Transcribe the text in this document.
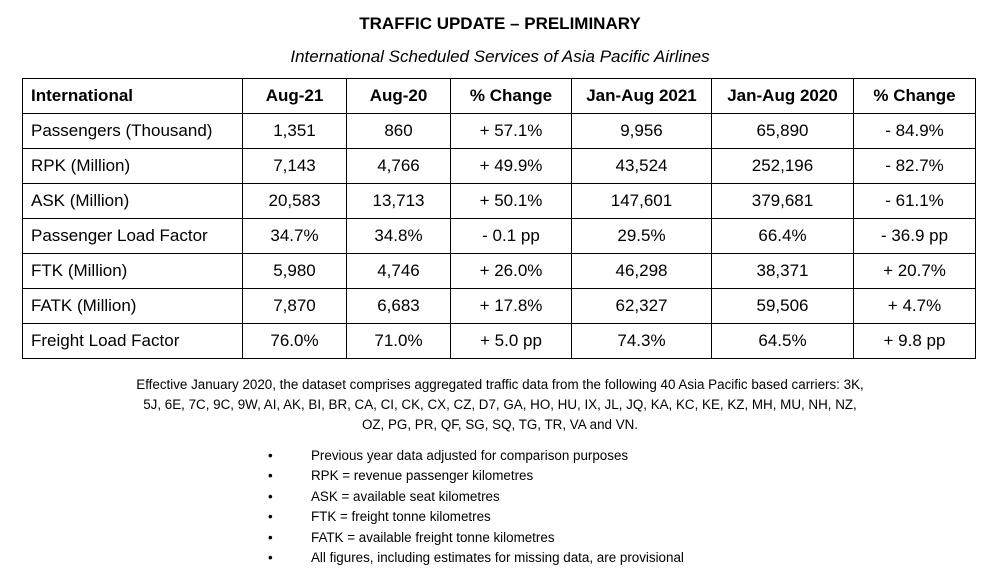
TRAFFIC UPDATE – PRELIMINARY
International Scheduled Services of Asia Pacific Airlines
International	Aug-21	Aug-20	% Change	Jan-Aug 2021	Jan-Aug 2020	% Change
Passengers (Thousand)	1,351	860	+ 57.1%	9,956	65,890	- 84.9%
RPK (Million)	7,143	4,766	+ 49.9%	43,524	252,196	- 82.7%
ASK (Million)	20,583	13,713	+ 50.1%	147,601	379,681	- 61.1%
Passenger Load Factor	34.7%	34.8%	- 0.1 pp	29.5%	66.4%	- 36.9 pp
FTK (Million)	5,980	4,746	+ 26.0%	46,298	38,371	+ 20.7%
FATK (Million)	7,870	6,683	+ 17.8%	62,327	59,506	+ 4.7%
Freight Load Factor	76.0%	71.0%	+ 5.0 pp	74.3%	64.5%	+ 9.8 pp
Effective January 2020, the dataset comprises aggregated traffic data from the following 40 Asia Pacific based carriers: 3K,
5J, 6E, 7C, 9C, 9W, AI, AK, BI, BR, CA, CI, CK, CX, CZ, D7, GA, HO, HU, IX, JL, JQ, KA, KC, KE, KZ, MH, MU, NH, NZ,
OZ, PG, PR, QF, SG, SQ, TG, TR, VA and VN.
•	Previous year data adjusted for comparison purposes
•	RPK = revenue passenger kilometres
•	ASK = available seat kilometres
•	FTK = freight tonne kilometres
•	FATK = available freight tonne kilometres
•	All figures, including estimates for missing data, are provisional
